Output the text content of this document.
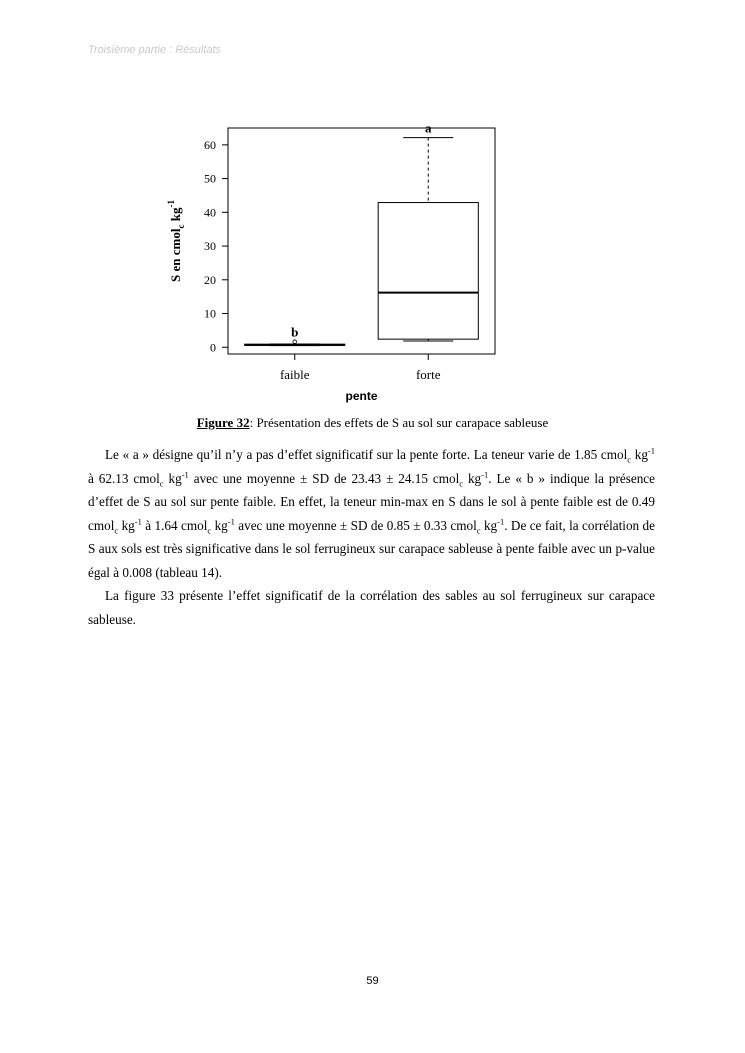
Troisième partie : Résultats
0
10
20
30
40
50
60
faible	forte
pente
S en cmol$_c$ $kg^{-1}$
b
a
Figure 32: Présentation des effets de S au sol sur carapace sableuse

Le « a » désigne qu’il n’y a pas d’effet significatif sur la pente forte. La teneur varie de 1.85 cmol$_c$ $kg^{-1}$ à 62.13 cmol$_c$ $kg^{-1}$ avec une moyenne ± SD de 23.43 ± 24.15 cmol$_c$ $kg^{-1}$. Le « b » indique la présence d’effet de S au sol sur pente faible. En effet, la teneur min-max en S dans le sol à pente faible est de 0.49 cmol$_c$ $kg^{-1}$ à 1.64 cmol$_c$ $kg^{-1}$ avec une moyenne ± SD de 0.85 ± 0.33 cmol$_c$ $kg^{-1}$. De ce fait, la corrélation de S aux sols est très significative dans le sol ferrugineux sur carapace sableuse à pente faible avec un p-value égal à 0.008 (tableau 14).

La figure 33 présente l’effet significatif de la corrélation des sables au sol ferrugineux sur carapace sableuse.

59
